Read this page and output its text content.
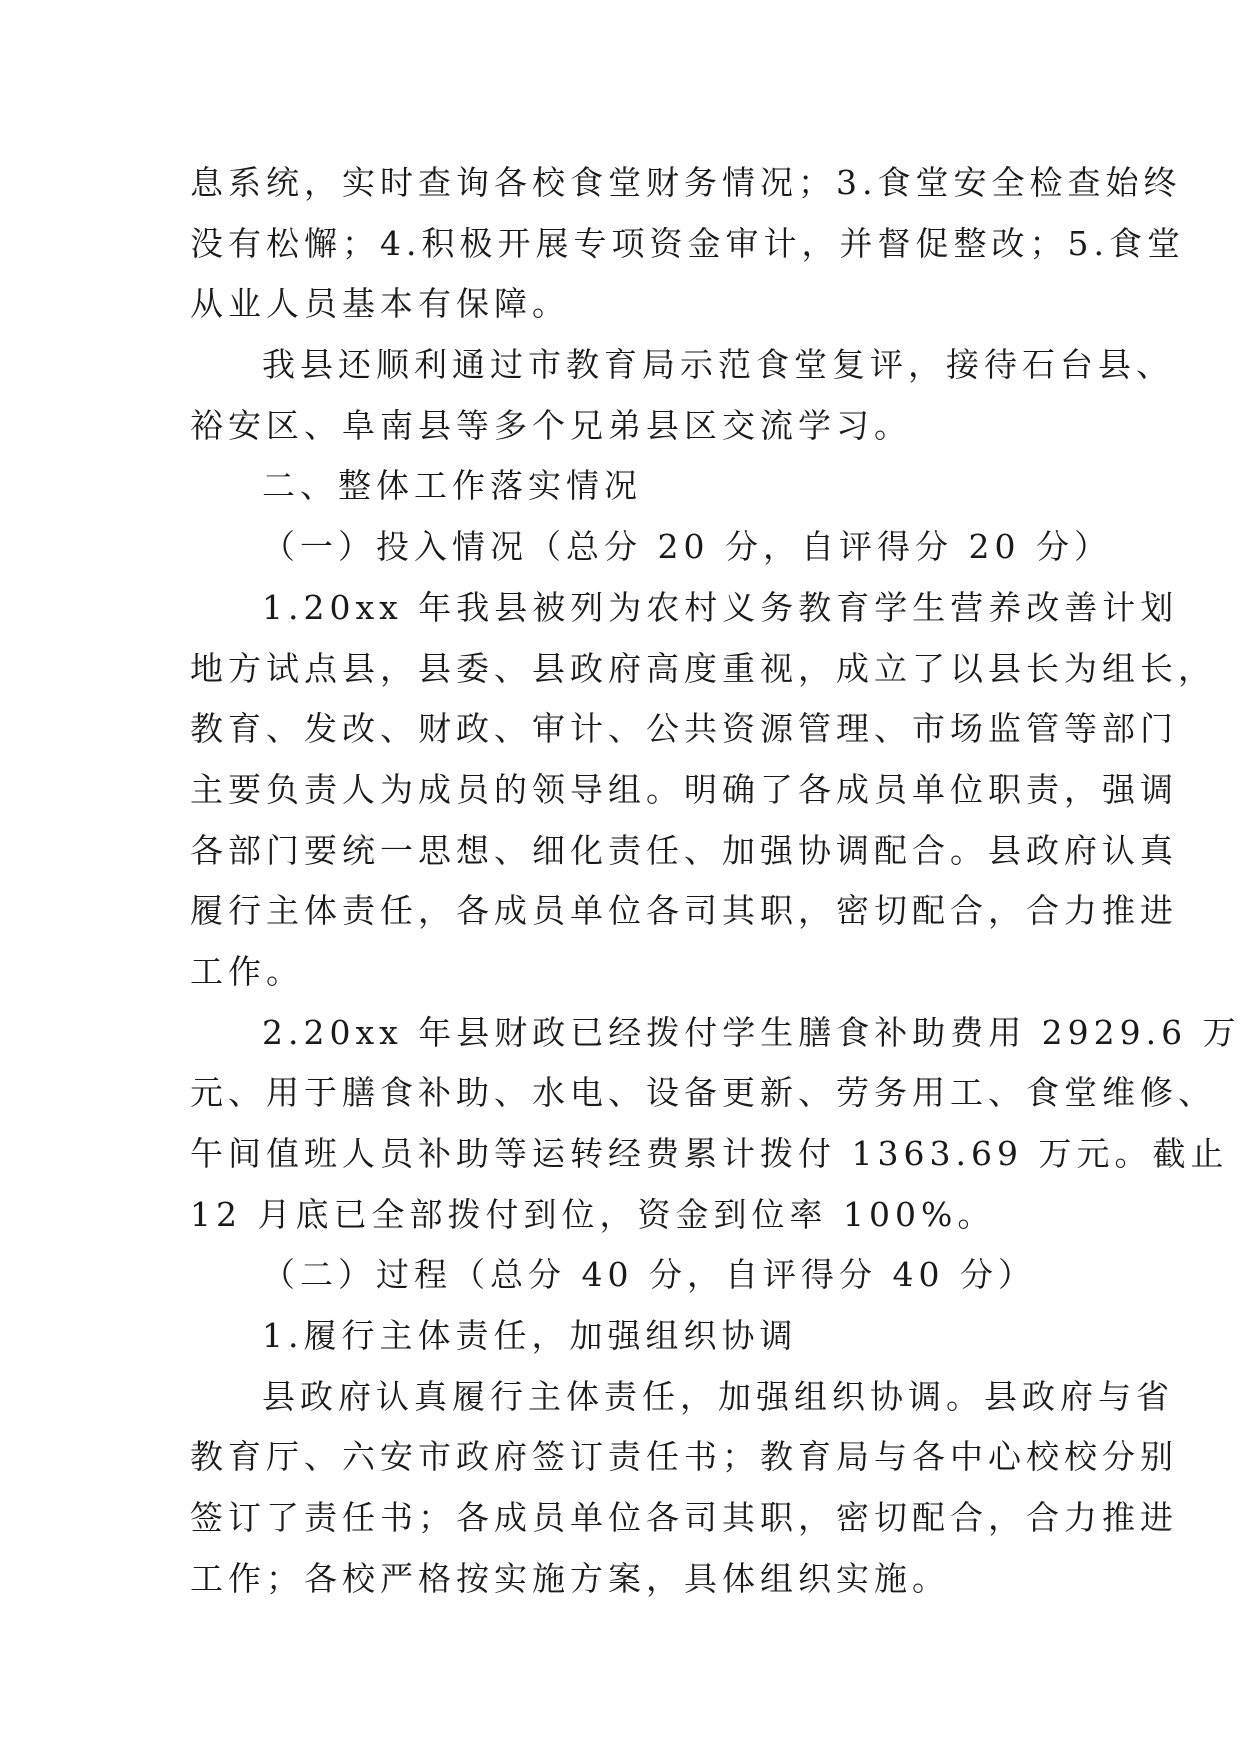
息系统，实时查询各校食堂财务情况；3.食堂安全检查始终
没有松懈；4.积极开展专项资金审计，并督促整改；5.食堂
从业人员基本有保障。
我县还顺利通过市教育局示范食堂复评，接待石台县、
裕安区、阜南县等多个兄弟县区交流学习。
二、整体工作落实情况
（一）投入情况（总分 20 分，自评得分 20 分）
1.20xx 年我县被列为农村义务教育学生营养改善计划
地方试点县，县委、县政府高度重视，成立了以县长为组长，
教育、发改、财政、审计、公共资源管理、市场监管等部门
主要负责人为成员的领导组。明确了各成员单位职责，强调
各部门要统一思想、细化责任、加强协调配合。县政府认真
履行主体责任，各成员单位各司其职，密切配合，合力推进
工作。
2.20xx 年县财政已经拨付学生膳食补助费用 2929.6 万
元、用于膳食补助、水电、设备更新、劳务用工、食堂维修、
午间值班人员补助等运转经费累计拨付 1363.69 万元。截止
12 月底已全部拨付到位，资金到位率 100%。
（二）过程（总分 40 分，自评得分 40 分）
1.履行主体责任，加强组织协调
县政府认真履行主体责任，加强组织协调。县政府与省
教育厅、六安市政府签订责任书；教育局与各中心校校分别
签订了责任书；各成员单位各司其职，密切配合，合力推进
工作；各校严格按实施方案，具体组织实施。
